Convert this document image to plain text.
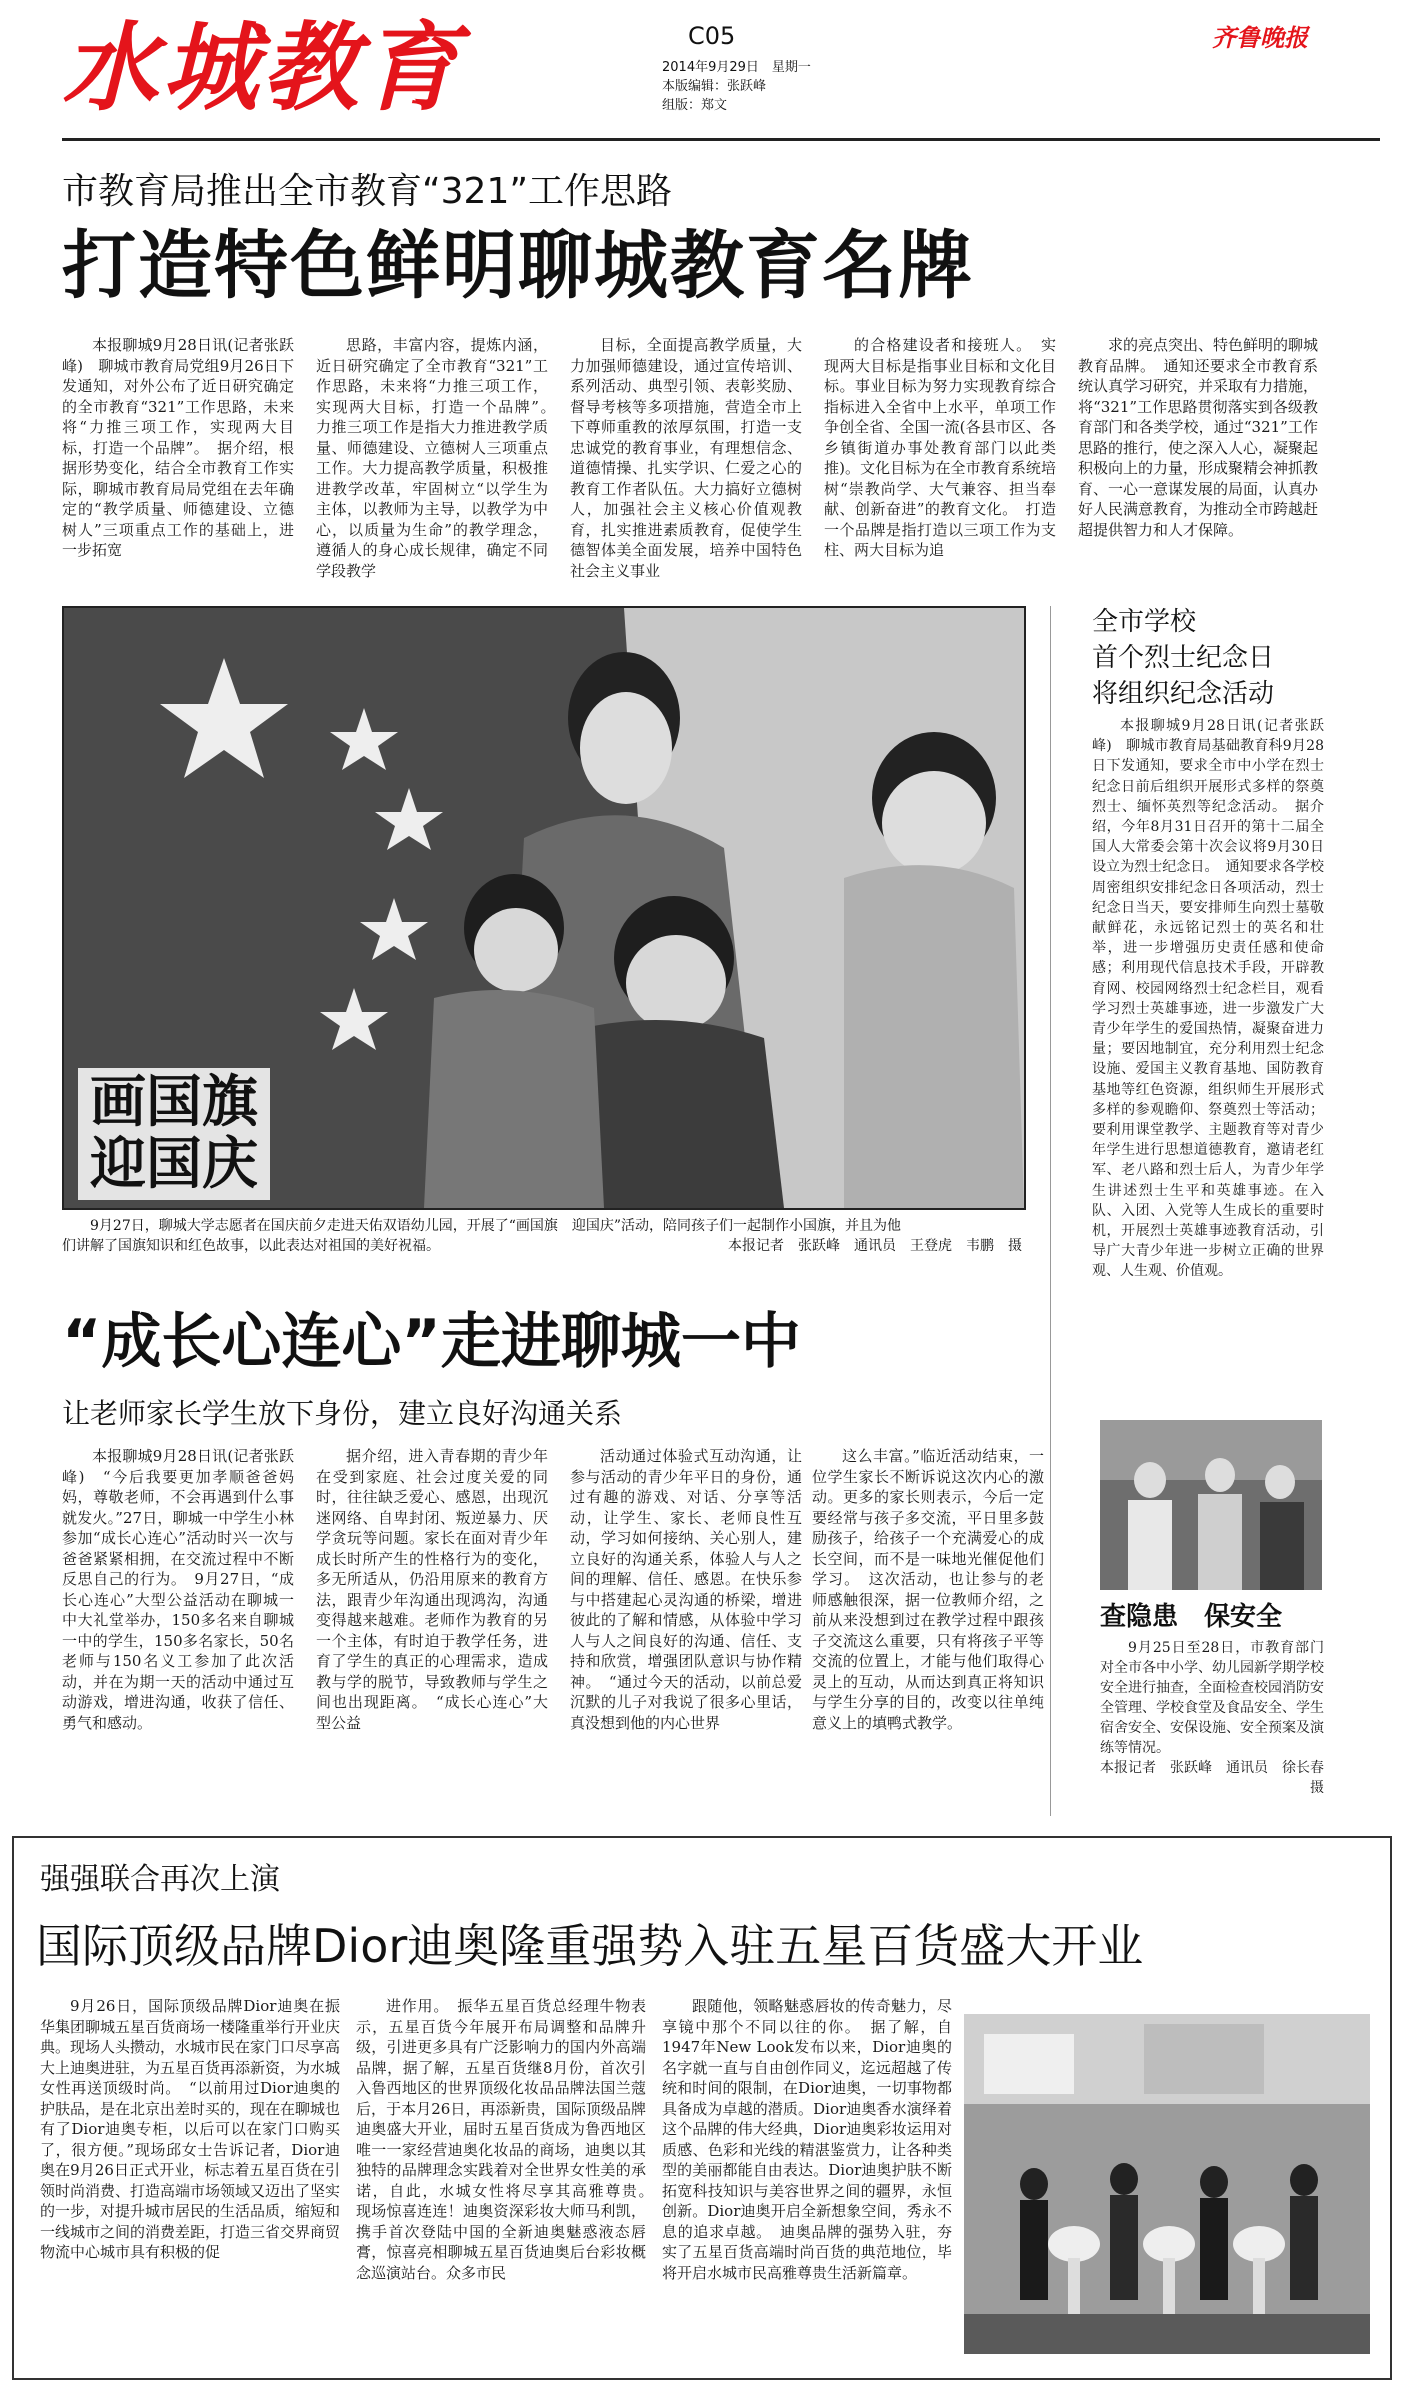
水城教育	C05
2014年9月29日　星期一
本版编辑：张跃峰
组版：郑文
齐鲁晚报
市教育局推出全市教育“321”工作思路
打造特色鲜明聊城教育名牌

本报聊城9月28日讯(记者张跃峰)　聊城市教育局党组9月26日下发通知，对外公布了近日研究确定的全市教育“321”工作思路，未来将“力推三项工作，实现两大目标，打造一个品牌”。　据介绍，根据形势变化，结合全市教育工作实际，聊城市教育局局党组在去年确定的“教学质量、师德建设、立德树人”三项重点工作的基础上，进一步拓宽

思路，丰富内容，提炼内涵，近日研究确定了全市教育“321”工作思路，未来将“力推三项工作，实现两大目标，打造一个品牌”。　力推三项工作是指大力推进教学质量、师德建设、立德树人三项重点工作。大力提高教学质量，积极推进教学改革，牢固树立“以学生为主体，以教师为主导，以教学为中心，以质量为生命”的教学理念，遵循人的身心成长规律，确定不同学段教学

目标，全面提高教学质量，大力加强师德建设，通过宣传培训、系列活动、典型引领、表彰奖励、督导考核等多项措施，营造全市上下尊师重教的浓厚氛围，打造一支忠诚党的教育事业，有理想信念、道德情操、扎实学识、仁爱之心的教育工作者队伍。大力搞好立德树人，加强社会主义核心价值观教育，扎实推进素质教育，促使学生德智体美全面发展，培养中国特色社会主义事业

的合格建设者和接班人。　实现两大目标是指事业目标和文化目标。事业目标为努力实现教育综合指标进入全省中上水平，单项工作争创全省、全国一流(各县市区、各乡镇街道办事处教育部门以此类推)。文化目标为在全市教育系统培树“崇教尚学、大气兼容、担当奉献、创新奋进”的教育文化。　打造一个品牌是指打造以三项工作为支柱、两大目标为追

求的亮点突出、特色鲜明的聊城教育品牌。　通知还要求全市教育系统认真学习研究，并采取有力措施，将“321”工作思路贯彻落实到各级教育部门和各类学校，通过“321”工作思路的推行，使之深入人心，凝聚起积极向上的力量，形成聚精会神抓教育、一心一意谋发展的局面，认真办好人民满意教育，为推动全市跨越赶超提供智力和人才保障。

画国旗
迎国庆
9月27日，聊城大学志愿者在国庆前夕走进天佑双语幼儿园，开展了“画国旗　迎国庆”活动，陪同孩子们一起制作小国旗，并且为他
们讲解了国旗知识和红色故事，以此表达对祖国的美好祝福。	本报记者　张跃峰　通讯员　王登虎　韦鹏　摄
全市学校
首个烈士纪念日
将组织纪念活动

本报聊城9月28日讯(记者张跃峰)　聊城市教育局基础教育科9月28日下发通知，要求全市中小学在烈士纪念日前后组织开展形式多样的祭奠烈士、缅怀英烈等纪念活动。　据介绍，今年8月31日召开的第十二届全国人大常委会第十次会议将9月30日设立为烈士纪念日。　通知要求各学校周密组织安排纪念日各项活动，烈士纪念日当天，要安排师生向烈士墓敬献鲜花，永远铭记烈士的英名和壮举，进一步增强历史责任感和使命感；利用现代信息技术手段，开辟教育网、校园网络烈士纪念栏目，观看学习烈士英雄事迹，进一步激发广大青少年学生的爱国热情，凝聚奋进力量；要因地制宜，充分利用烈士纪念设施、爱国主义教育基地、国防教育基地等红色资源，组织师生开展形式多样的参观瞻仰、祭奠烈士等活动；要利用课堂教学、主题教育等对青少年学生进行思想道德教育，邀请老红军、老八路和烈士后人，为青少年学生讲述烈士生平和英雄事迹。在入队、入团、入党等人生成长的重要时机，开展烈士英雄事迹教育活动，引导广大青少年进一步树立正确的世界观、人生观、价值观。

“成长心连心”走进聊城一中
让老师家长学生放下身份，建立良好沟通关系

本报聊城9月28日讯(记者张跃峰)　“今后我要更加孝顺爸爸妈妈，尊敬老师，不会再遇到什么事就发火。”27日，聊城一中学生小林参加“成长心连心”活动时兴一次与爸爸紧紧相拥，在交流过程中不断反思自己的行为。　9月27日，“成长心连心”大型公益活动在聊城一中大礼堂举办，150多名来自聊城一中的学生，150多名家长，50名老师与150名义工参加了此次活动，并在为期一天的活动中通过互动游戏，增进沟通，收获了信任、勇气和感动。

据介绍，进入青春期的青少年在受到家庭、社会过度关爱的同时，往往缺乏爱心、感恩，出现沉迷网络、自卑封闭、叛逆暴力、厌学贪玩等问题。家长在面对青少年成长时所产生的性格行为的变化，多无所适从，仍沿用原来的教育方法，跟青少年沟通出现鸿沟，沟通变得越来越难。老师作为教育的另一个主体，有时迫于教学任务，进育了学生的真正的心理需求，造成教与学的脱节，导致教师与学生之间也出现距离。　“成长心连心”大型公益

活动通过体验式互动沟通，让参与活动的青少年平日的身份，通过有趣的游戏、对话、分享等活动，让学生、家长、老师良性互动，学习如何接纳、关心别人，建立良好的沟通关系，体验人与人之间的理解、信任、感恩。在快乐参与中搭建起心灵沟通的桥梁，增进彼此的了解和情感，从体验中学习人与人之间良好的沟通、信任、支持和欣赏，增强团队意识与协作精神。　“通过今天的活动，以前总爱沉默的儿子对我说了很多心里话，真没想到他的内心世界

这么丰富。”临近活动结束，一位学生家长不断诉说这次内心的激动。更多的家长则表示，今后一定要经常与孩子多交流，平日里多鼓励孩子，给孩子一个充满爱心的成长空间，而不是一味地光催促他们学习。　这次活动，也让参与的老师感触很深，据一位教师介绍，之前从来没想到过在教学过程中跟孩子交流这么重要，只有将孩子平等交流的位置上，才能与他们取得心灵上的互动，从而达到真正将知识与学生分享的目的，改变以往单纯意义上的填鸭式教学。

查隐患　保安全

9月25日至28日，市教育部门对全市各中小学、幼儿园新学期学校安全进行抽查，全面检查校园消防安全管理、学校食堂及食品安全、学生宿舍安全、安保设施、安全预案及演练等情况。

本报记者　张跃峰　通讯员　徐长春　摄
强强联合再次上演
国际顶级品牌Dior迪奥隆重强势入驻五星百货盛大开业

9月26日，国际顶级品牌Dior迪奥在振华集团聊城五星百货商场一楼隆重举行开业庆典。现场人头攒动，水城市民在家门口尽享高大上迪奥进驻，为五星百货再添新资，为水城女性再送顶级时尚。　“以前用过Dior迪奥的护肤品，是在北京出差时买的，现在在聊城也有了Dior迪奥专柜，以后可以在家门口购买了，很方便。”现场邱女士告诉记者，Dior迪奥在9月26日正式开业，标志着五星百货在引领时尚消费、打造高端市场领域又迈出了坚实的一步，对提升城市居民的生活品质，缩短和一线城市之间的消费差距，打造三省交界商贸物流中心城市具有积极的促

进作用。　振华五星百货总经理牛物表示，五星百货今年展开布局调整和品牌升级，引进更多具有广泛影响力的国内外高端品牌，据了解，五星百货继8月份，首次引入鲁西地区的世界顶级化妆品品牌法国兰蔻后，于本月26日，再添新贵，国际顶级品牌迪奥盛大开业，届时五星百货成为鲁西地区唯一一家经营迪奥化妆品的商场，迪奥以其独特的品牌理念实践着对全世界女性美的承诺，自此，水城女性将尽享其高雅尊贵。　现场惊喜连连！迪奥资深彩妆大师马利凯，携手首次登陆中国的全新迪奥魅惑液态唇膏，惊喜亮相聊城五星百货迪奥后台彩妆概念巡演站台。众多市民

跟随他，领略魅惑唇妆的传奇魅力，尽享镜中那个不同以往的你。　据了解，自1947年New Look发布以来，Dior迪奥的名字就一直与自由创作同义，迄远超越了传统和时间的限制，在Dior迪奥，一切事物都具备成为卓越的潜质。Dior迪奥香水演绎着这个品牌的伟大经典，Dior迪奥彩妆运用对质感、色彩和光线的精湛鉴赏力，让各种类型的美丽都能自由表达。Dior迪奥护肤不断拓宽科技知识与美容世界之间的疆界，永恒创新。Dior迪奥开启全新想象空间，秀永不息的追求卓越。　迪奥品牌的强势入驻，夯实了五星百货高端时尚百货的典范地位，毕将开启水城市民高雅尊贵生活新篇章。
